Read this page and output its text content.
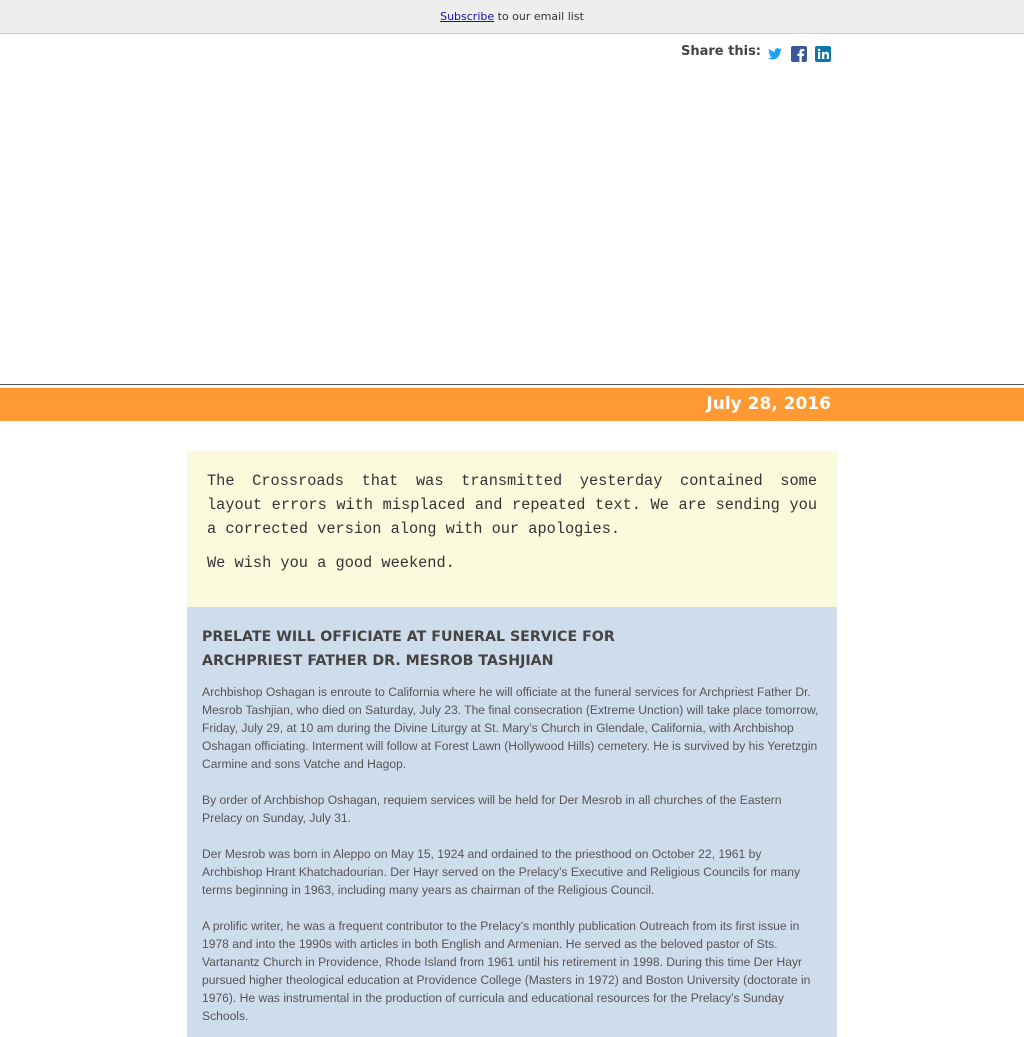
Subscribe to our email list
Share this:
July 28, 2016

The Crossroads that was transmitted yesterday contained some layout errors with misplaced and repeated text. We are sending you a corrected version along with our apologies.

We wish you a good weekend.

PRELATE WILL OFFICIATE AT FUNERAL SERVICE FOR
ARCHPRIEST FATHER DR. MESROB TASHJIAN

Archbishop Oshagan is enroute to California where he will officiate at the funeral services for Archpriest Father Dr. Mesrob Tashjian, who died on Saturday, July 23. The final consecration (Extreme Unction) will take place tomorrow, Friday, July 29, at 10 am during the Divine Liturgy at St. Mary’s Church in Glendale, California, with Archbishop Oshagan officiating. Interment will follow at Forest Lawn (Hollywood Hills) cemetery. He is survived by his Yeretzgin Carmine and sons Vatche and Hagop.

By order of Archbishop Oshagan, requiem services will be held for Der Mesrob in all churches of the Eastern Prelacy on Sunday, July 31.

Der Mesrob was born in Aleppo on May 15, 1924 and ordained to the priesthood on October 22, 1961 by Archbishop Hrant Khatchadourian. Der Hayr served on the Prelacy’s Executive and Religious Councils for many terms beginning in 1963, including many years as chairman of the Religious Council.

A prolific writer, he was a frequent contributor to the Prelacy’s monthly publication Outreach from its first issue in 1978 and into the 1990s with articles in both English and Armenian. He served as the beloved pastor of Sts. Vartanantz Church in Providence, Rhode Island from 1961 until his retirement in 1998. During this time Der Hayr pursued higher theological education at Providence College (Masters in 1972) and Boston University (doctorate in 1976). He was instrumental in the production of curricula and educational resources for the Prelacy’s Sunday Schools.
